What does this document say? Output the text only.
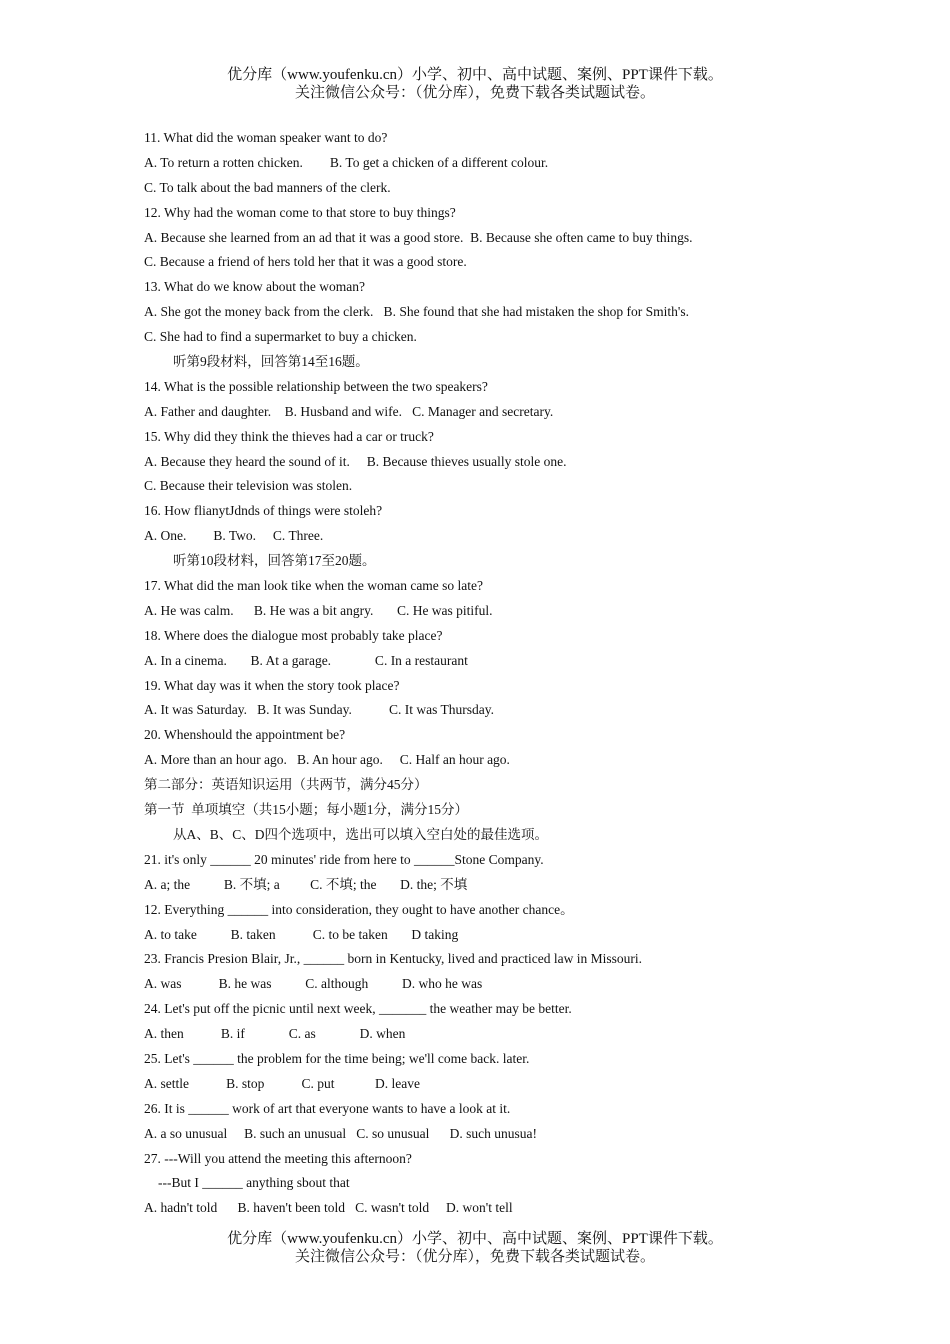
优分库（www.youfenku.cn）小学、初中、高中试题、案例、PPT课件下载。
关注微信公众号：（优分库），免费下载各类试题试卷。
11. What did the woman speaker want to do?
A. To return a rotten chicken.        B. To get a chicken of a different colour.
C. To talk about the bad manners of the clerk.
12. Why had the woman come to that store to buy things?
A. Because she learned from an ad that it was a good store.  B. Because she often came to buy things.
C. Because a friend of hers told her that it was a good store.
13. What do we know about the woman?
A. She got the money back from the clerk.   B. She found that she had mistaken the shop for Smith's.
C. She had to find a supermarket to buy a chicken.
听第9段材料，回答第14至16题。
14. What is the possible relationship between the two speakers?
A. Father and daughter.    B. Husband and wife.   C. Manager and secretary.
15. Why did they think the thieves had a car or truck?
A. Because they heard the sound of it.     B. Because thieves usually stole one.
C. Because their television was stolen.
16. How flianytJdnds of things were stoleh?
A. One.        B. Two.     C. Three.
听第10段材料，回答第17至20题。
17. What did the man look tike when the woman came so late?
A. He was calm.      B. He was a bit angry.       C. He was pitiful.
18. Where does the dialogue most probably take place?
A. In a cinema.       B. At a garage.             C. In a restaurant
19. What day was it when the story took place?
A. It was Saturday.   B. It was Sunday.           C. It was Thursday.
20. Whenshould the appointment be?
A. More than an hour ago.   B. An hour ago.     C. Half an hour ago.
第二部分：英语知识运用（共两节，满分45分）
第一节  单项填空（共15小题；每小题1分，满分15分）
从A、B、C、D四个选项中，选出可以填入空白处的最佳选项。
21. it's only ______ 20 minutes' ride from here to ______Stone Company.
A. a; the          B. 不填; a         C. 不填; the       D. the; 不填
12. Everything ______ into consideration, they ought to have another chance。
A. to take          B. taken           C. to be taken       D taking
23. Francis Presion Blair, Jr., ______ born in Kentucky, lived and practiced law in Missouri.
A. was           B. he was          C. although          D. who he was
24. Let's put off the picnic until next week, _______ the weather may be better.
A. then           B. if             C. as             D. when
25. Let's ______ the problem for the time being; we'll come back. later.
A. settle           B. stop           C. put            D. leave
26. It is ______ work of art that everyone wants to have a look at it.
A. a so unusual     B. such an unusual   C. so unusual      D. such unusua!
27. ---Will you attend the meeting this afternoon?
---But I ______ anything sbout that
A. hadn't told      B. haven't been told   C. wasn't told     D. won't tell
优分库（www.youfenku.cn）小学、初中、高中试题、案例、PPT课件下载。
关注微信公众号：（优分库），免费下载各类试题试卷。
